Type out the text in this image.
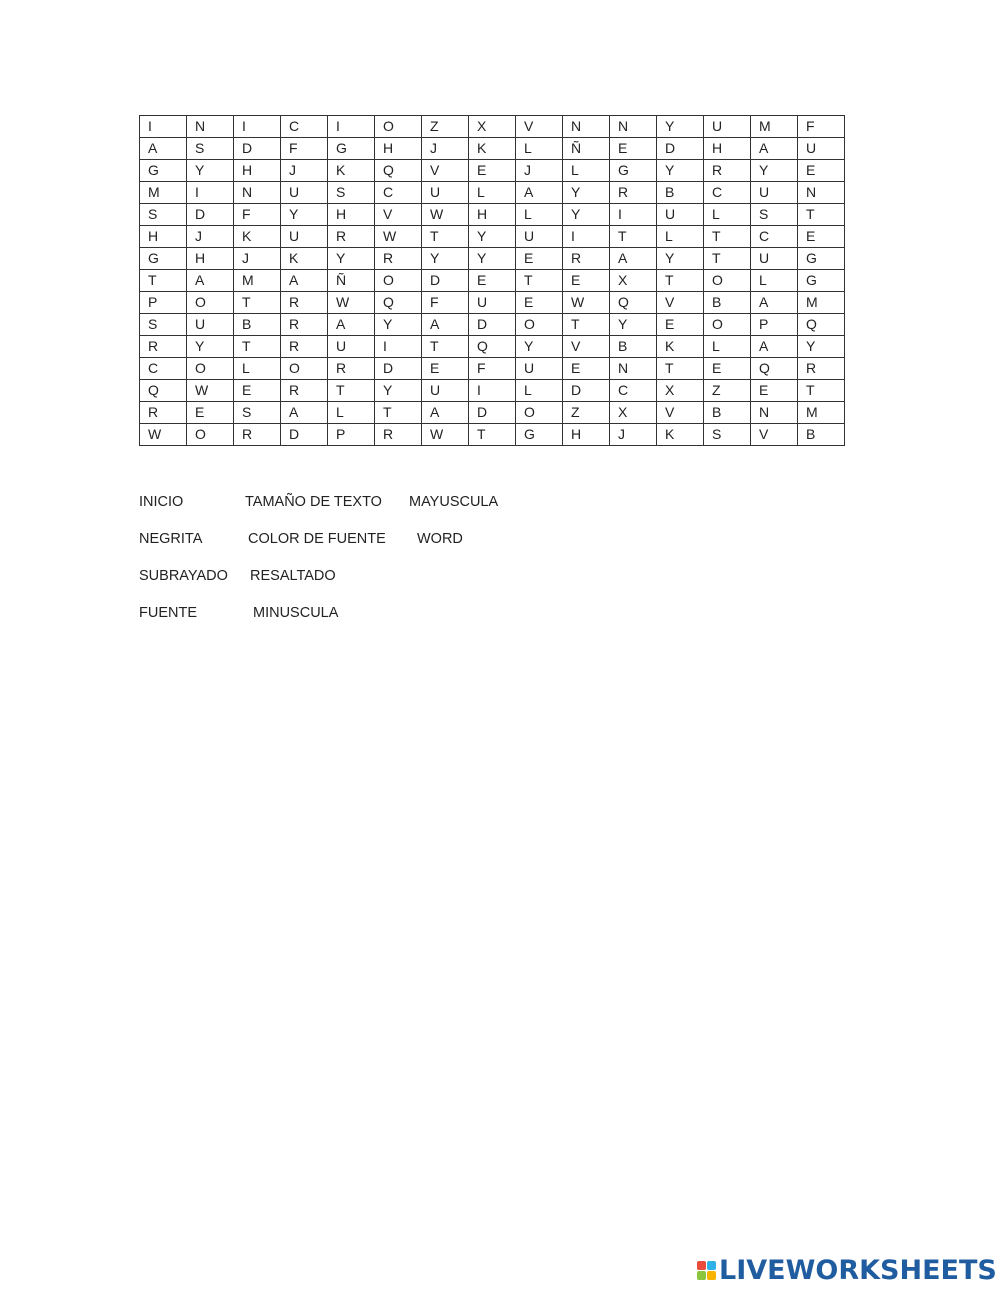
I	N	I	C	I	O	Z	X	V	N	N	Y	U	M	F
A	S	D	F	G	H	J	K	L	Ñ	E	D	H	A	U
G	Y	H	J	K	Q	V	E	J	L	G	Y	R	Y	E
M	I	N	U	S	C	U	L	A	Y	R	B	C	U	N
S	D	F	Y	H	V	W	H	L	Y	I	U	L	S	T
H	J	K	U	R	W	T	Y	U	I	T	L	T	C	E
G	H	J	K	Y	R	Y	Y	E	R	A	Y	T	U	G
T	A	M	A	Ñ	O	D	E	T	E	X	T	O	L	G
P	O	T	R	W	Q	F	U	E	W	Q	V	B	A	M
S	U	B	R	A	Y	A	D	O	T	Y	E	O	P	Q
R	Y	T	R	U	I	T	Q	Y	V	B	K	L	A	Y
C	O	L	O	R	D	E	F	U	E	N	T	E	Q	R
Q	W	E	R	T	Y	U	I	L	D	C	X	Z	E	T
R	E	S	A	L	T	A	D	O	Z	X	V	B	N	M
W	O	R	D	P	R	W	T	G	H	J	K	S	V	B
INICIO	TAMAÑO DE TEXTO MAYUSCULA
NEGRITA	COLOR DE FUENTE WORD
SUBRAYADO RESALTADO
FUENTE	MINUSCULA
LIVEWORKSHEETS
